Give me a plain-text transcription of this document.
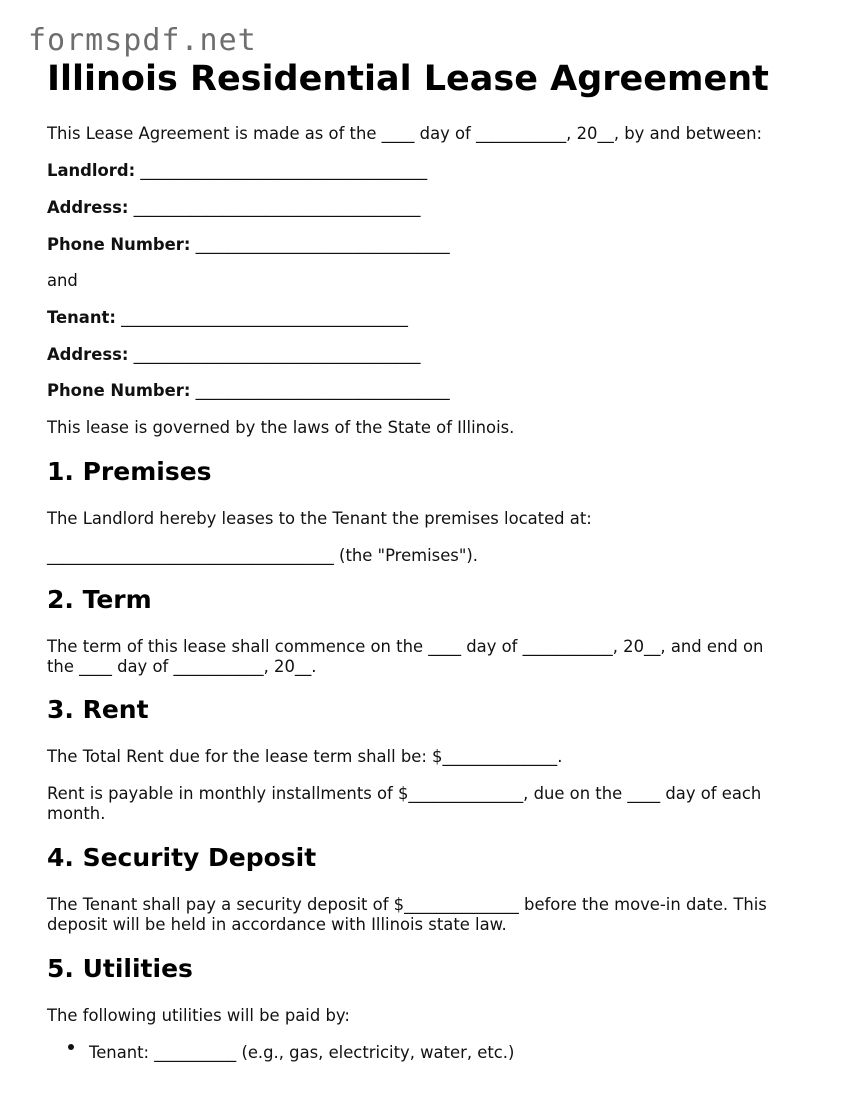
formspdf.net
Illinois Residential Lease Agreement

This Lease Agreement is made as of the ____ day of ___________, 20__, by and between:

Landlord: ___________________________________

Address: ___________________________________

Phone Number: _______________________________

and

Tenant: ___________________________________

Address: ___________________________________

Phone Number: _______________________________

This lease is governed by the laws of the State of Illinois.

1. Premises

The Landlord hereby leases to the Tenant the premises located at:

___________________________________ (the "Premises").

2. Term

The term of this lease shall commence on the ____ day of ___________, 20__, and end on the ____ day of ___________, 20__.

3. Rent

The Total Rent due for the lease term shall be: $______________.

Rent is payable in monthly installments of $______________, due on the ____ day of each month.

4. Security Deposit

The Tenant shall pay a security deposit of $______________ before the move-in date. This deposit will be held in accordance with Illinois state law.

5. Utilities

The following utilities will be paid by:

Tenant: __________ (e.g., gas, electricity, water, etc.)
